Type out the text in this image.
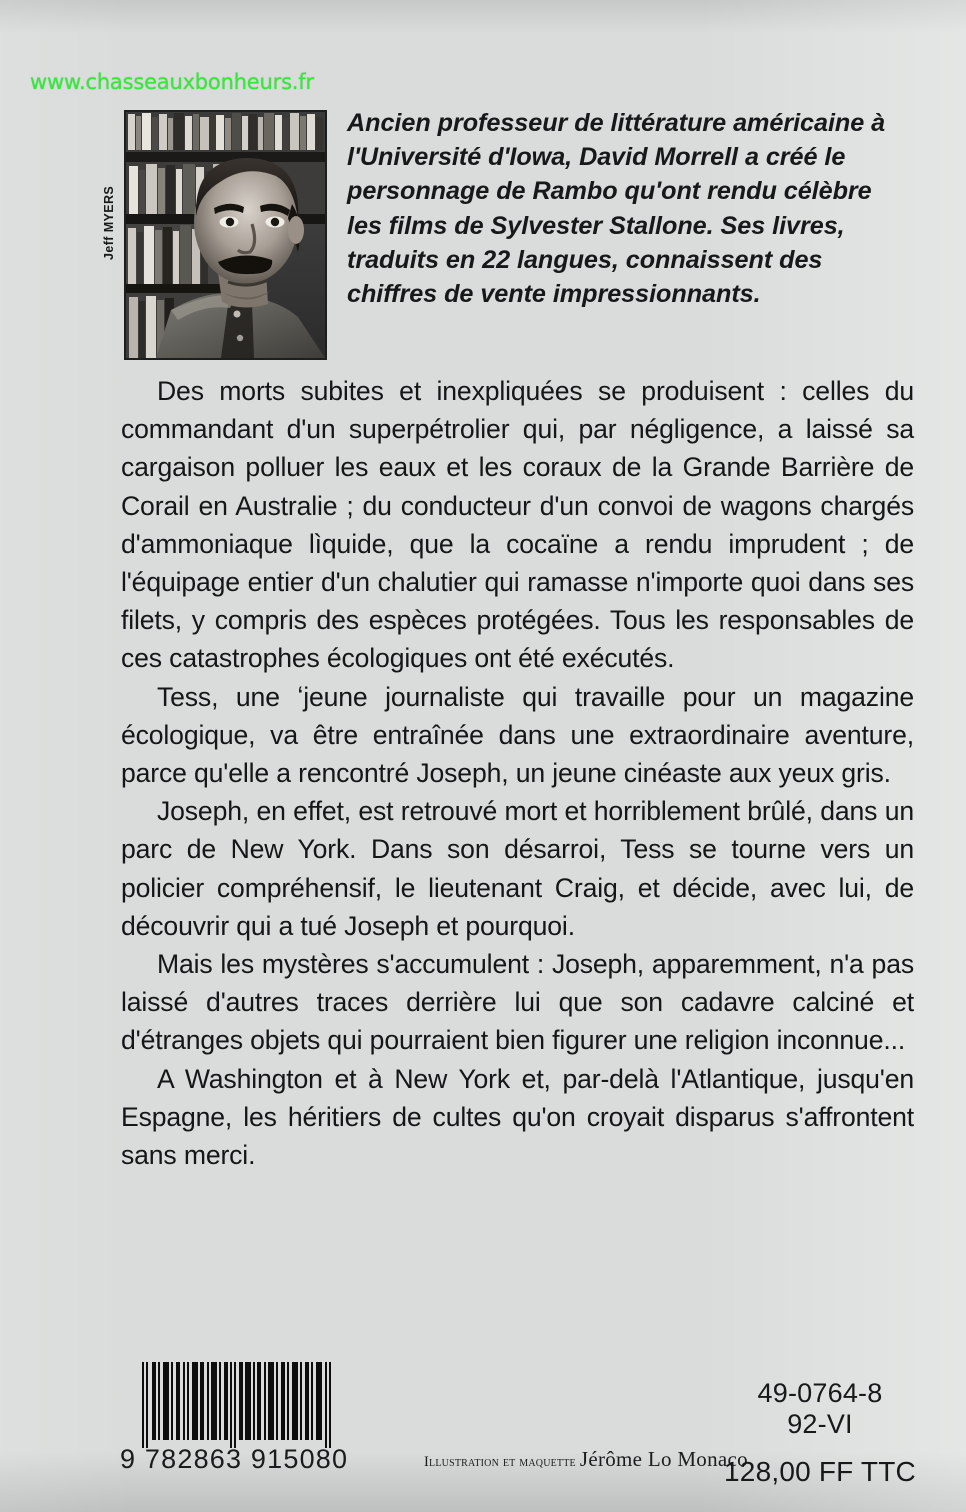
www.chasseauxbonheurs.fr
Jeff MYERS
Ancien professeur de littérature américaine à l'Université d'Iowa, David Morrell a créé le personnage de Rambo qu'ont rendu célèbre les films de Sylvester Stallone. Ses livres, traduits en 22 langues, connaissent des chiffres de vente impressionnants.

Des morts subites et inexpliquées se produisent : celles du commandant d'un superpétrolier qui, par négligence, a laissé sa cargaison polluer les eaux et les coraux de la Grande Barrière de Corail en Australie ; du conducteur d'un convoi de wagons chargés d'ammoniaque lìquide, que la cocaïne a rendu imprudent ; de l'équipage entier d'un chalutier qui ramasse n'importe quoi dans ses filets, y compris des espèces protégées. Tous les responsables de ces catastrophes écologiques ont été exécutés.

Tess, une ʻjeune journaliste qui travaille pour un magazine écologique, va être entraînée dans une extraordinaire aventure, parce qu'elle a rencontré Joseph, un jeune cinéaste aux yeux gris.

Joseph, en effet, est retrouvé mort et horriblement brûlé, dans un parc de New York. Dans son désarroi, Tess se tourne vers un policier compréhensif, le lieutenant Craig, et décide, avec lui, de découvrir qui a tué Joseph et pourquoi.

Mais les mystères s'accumulent : Joseph, apparemment, n'a pas laissé d'autres traces derrière lui que son cadavre calciné et d'étranges objets qui pourraient bien figurer une religion inconnue...

A Washington et à New York et, par-delà l'Atlantique, jusqu'en Espagne, les héritiers de cultes qu'on croyait disparus s'affrontent sans merci.

9 782863 915080	Illustration et maquette Jérôme Lo Monaco
49-0764-8
92-VI
128,00 FF TTC
